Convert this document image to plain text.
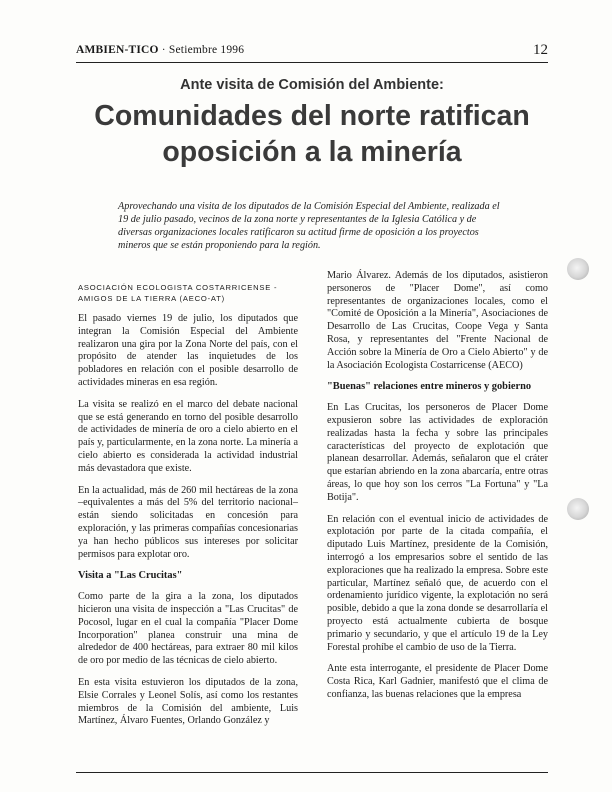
AMBIEN-TICO · Setiembre 1996	12
Ante visita de Comisión del Ambiente:
Comunidades del norte ratifican
oposición a la minería
Aprovechando una visita de los diputados de la Comisión Especial del Ambiente, realizada el 19 de julio pasado, vecinos de la zona norte y representantes de la Iglesia Católica y de diversas organizaciones locales ratificaron su actitud firme de oposición a los proyectos mineros que se están proponiendo para la región.
ASOCIACIÓN ECOLOGISTA COSTARRICENSE -
AMIGOS DE LA TIERRA (AECO-AT)

El pasado viernes 19 de julio, los diputados que integran la Comisión Especial del Ambiente realizaron una gira por la Zona Norte del país, con el propósito de atender las inquietudes de los pobladores en relación con el posible desarrollo de actividades mineras en esa región.

La visita se realizó en el marco del debate nacional que se está generando en torno del posible desarrollo de actividades de minería de oro a cielo abierto en el país y, particularmente, en la zona norte. La minería a cielo abierto es considerada la actividad industrial más devastadora que existe.

En la actualidad, más de 260 mil hectáreas de la zona –equivalentes a más del 5% del territorio nacional– están siendo solicitadas en concesión para exploración, y las primeras compañías concesionarias ya han hecho públicos sus intereses por solicitar permisos para explotar oro.

Visita a "Las Crucitas"

Como parte de la gira a la zona, los diputados hicieron una visita de inspección a "Las Crucitas" de Pocosol, lugar en el cual la compañía "Placer Dome Incorporation" planea construir una mina de alrededor de 400 hectáreas, para extraer 80 mil kilos de oro por medio de las técnicas de cielo abierto.

En esta visita estuvieron los diputados de la zona, Elsie Corrales y Leonel Solís, así como los restantes miembros de la Comisión del ambiente, Luis Martínez, Álvaro Fuentes, Orlando González y

Mario Álvarez. Además de los diputados, asistieron personeros de "Placer Dome", así como representantes de organizaciones locales, como el "Comité de Oposición a la Minería", Asociaciones de Desarrollo de Las Crucitas, Coope Vega y Santa Rosa, y representantes del "Frente Nacional de Acción sobre la Minería de Oro a Cielo Abierto" y de la Asociación Ecologista Costarricense (AECO)

"Buenas" relaciones entre mineros y gobierno

En Las Crucitas, los personeros de Placer Dome expusieron sobre las actividades de exploración realizadas hasta la fecha y sobre las principales características del proyecto de explotación que planean desarrollar. Además, señalaron que el cráter que estarían abriendo en la zona abarcaría, entre otras áreas, lo que hoy son los cerros "La Fortuna" y "La Botija".

En relación con el eventual inicio de actividades de explotación por parte de la citada compañía, el diputado Luis Martínez, presidente de la Comisión, interrogó a los empresarios sobre el sentido de las exploraciones que ha realizado la empresa. Sobre este particular, Martínez señaló que, de acuerdo con el ordenamiento jurídico vigente, la explotación no será posible, debido a que la zona donde se desarrollaría el proyecto está actualmente cubierta de bosque primario y secundario, y que el artículo 19 de la Ley Forestal prohíbe el cambio de uso de la Tierra.

Ante esta interrogante, el presidente de Placer Dome Costa Rica, Karl Gadnier, manifestó que el clima de confianza, las buenas relaciones que la empresa
